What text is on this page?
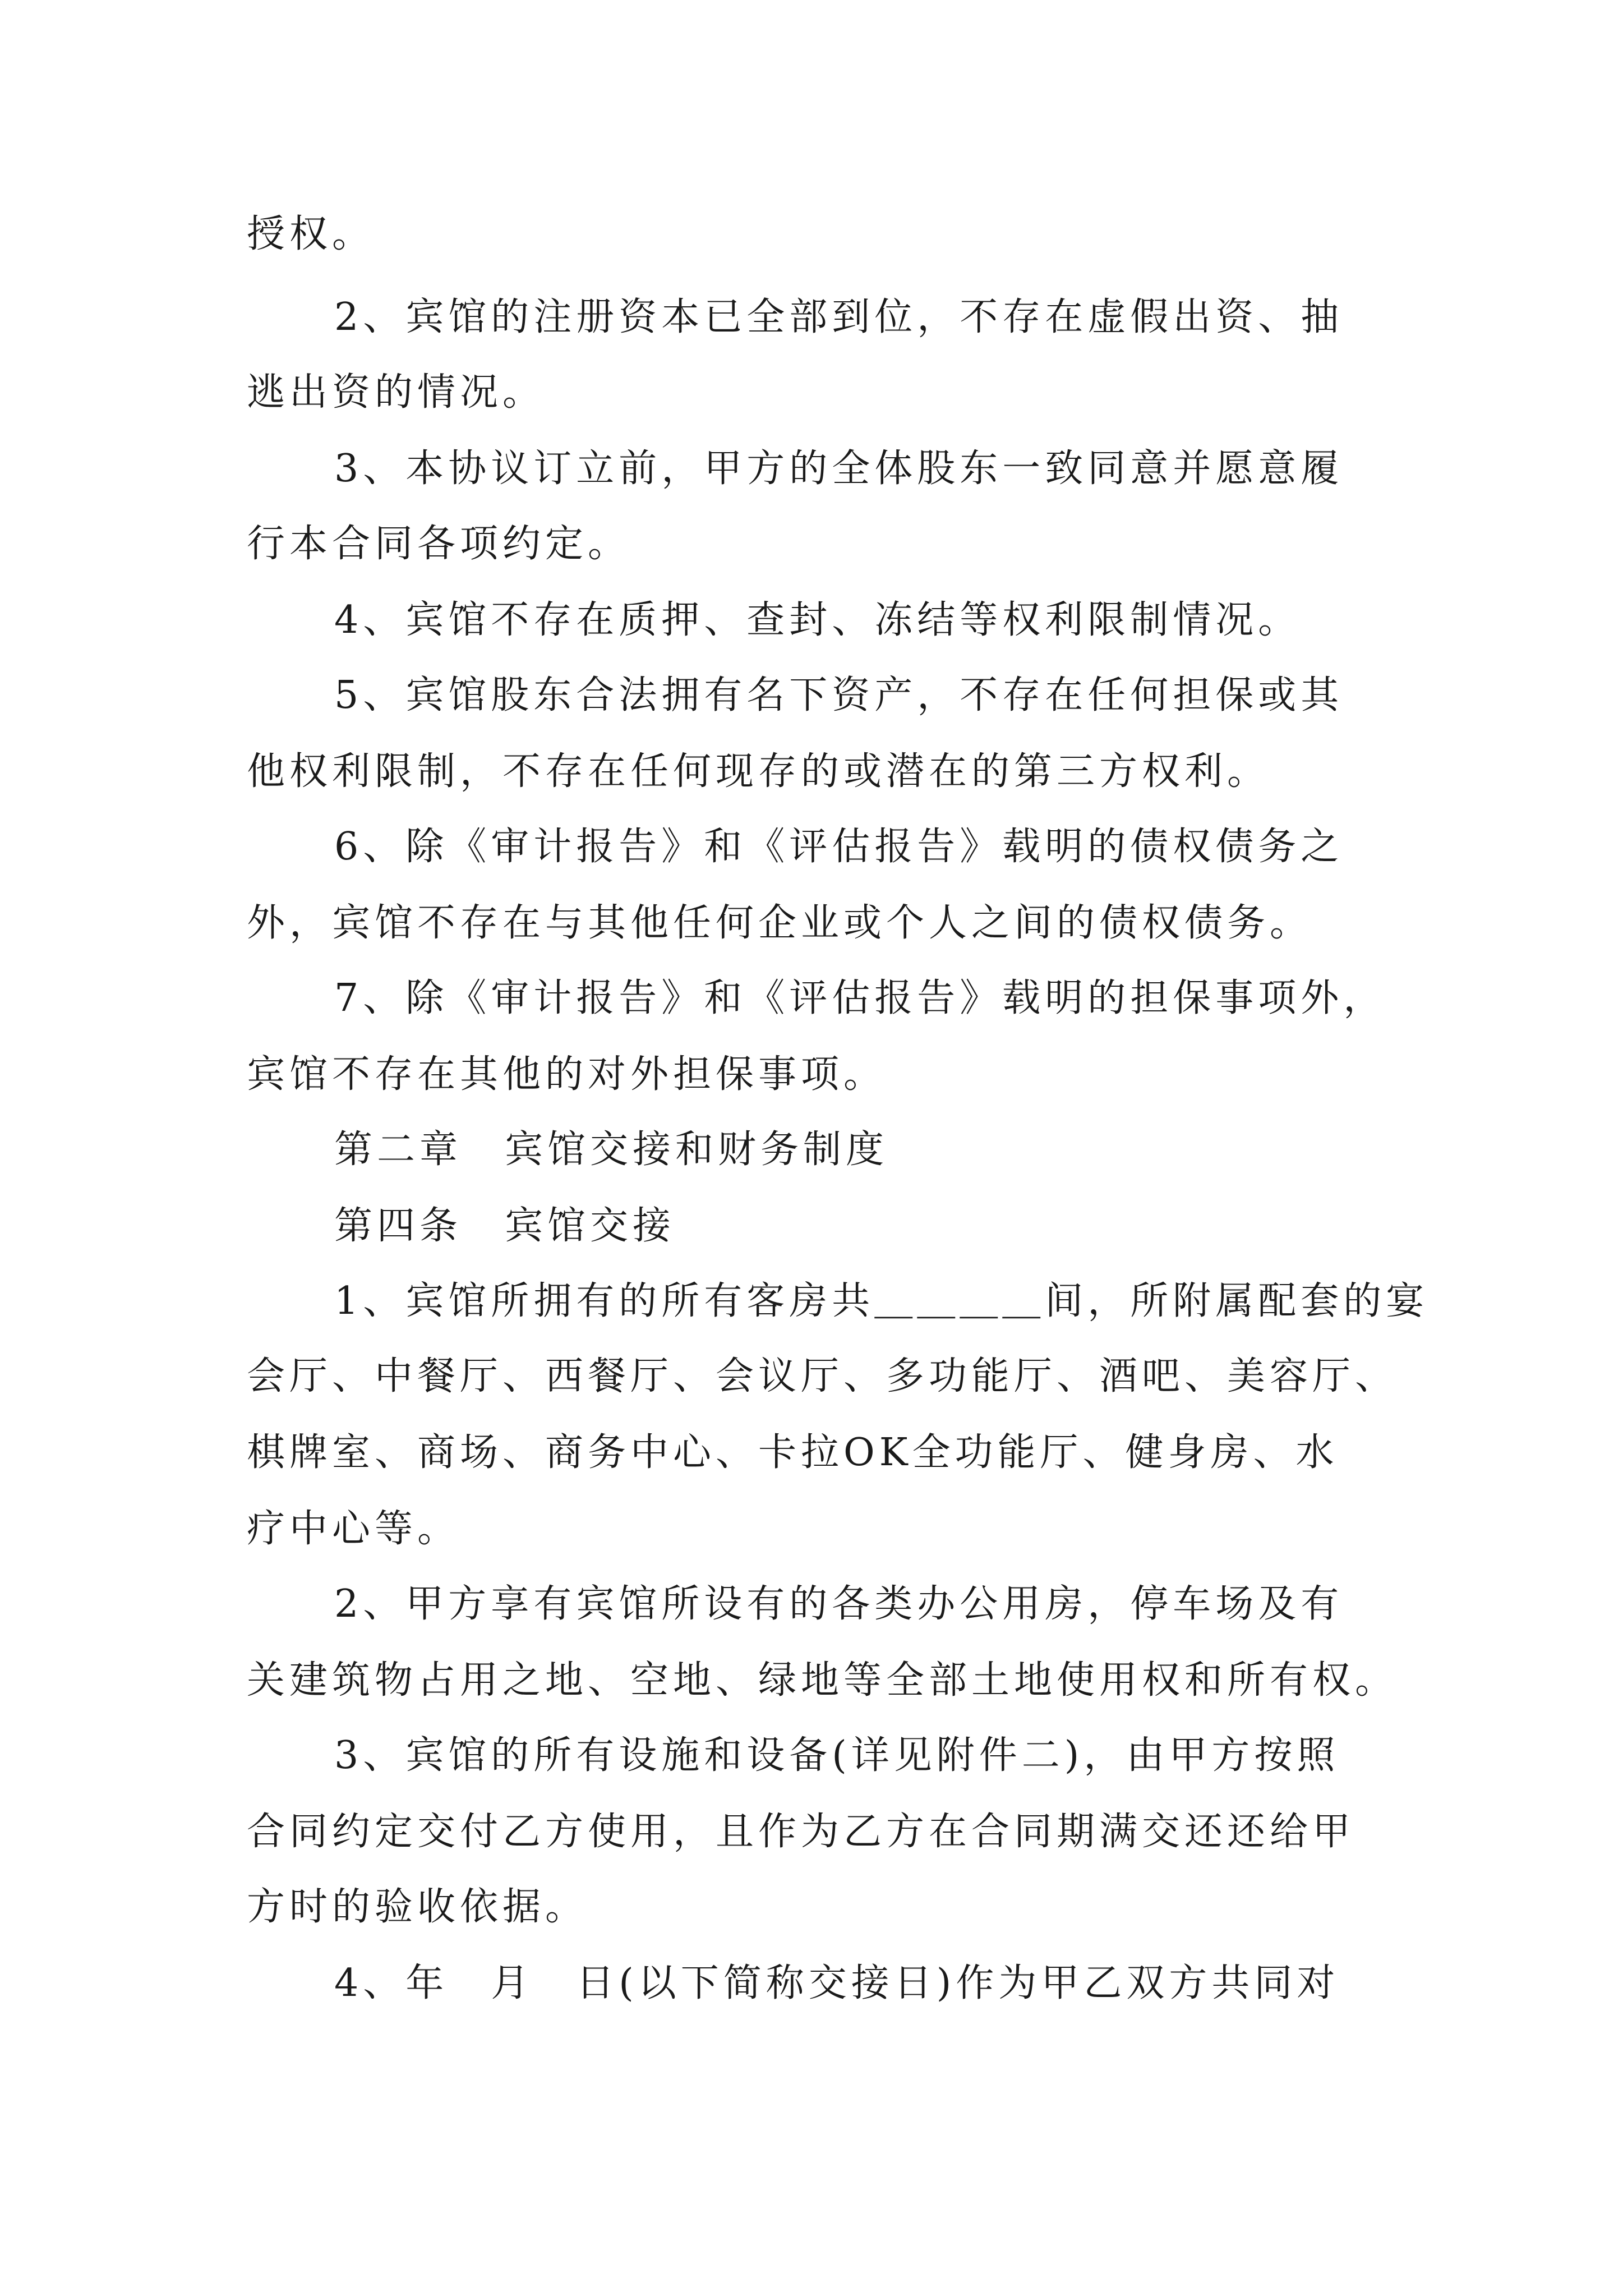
授权。
2、宾馆的注册资本已全部到位，不存在虚假出资、抽
逃出资的情况。
3、本协议订立前，甲方的全体股东一致同意并愿意履
行本合同各项约定。
4、宾馆不存在质押、查封、冻结等权利限制情况。
5、宾馆股东合法拥有名下资产，不存在任何担保或其
他权利限制，不存在任何现存的或潜在的第三方权利。
6、除《审计报告》和《评估报告》载明的债权债务之
外，宾馆不存在与其他任何企业或个人之间的债权债务。
7、除《审计报告》和《评估报告》载明的担保事项外，
宾馆不存在其他的对外担保事项。
第二章　宾馆交接和财务制度
第四条　宾馆交接
1、宾馆所拥有的所有客房共＿＿＿＿间，所附属配套的宴
会厅、中餐厅、西餐厅、会议厅、多功能厅、酒吧、美容厅、
棋牌室、商场、商务中心、卡拉OK全功能厅、健身房、水
疗中心等。
2、甲方享有宾馆所设有的各类办公用房，停车场及有
关建筑物占用之地、空地、绿地等全部土地使用权和所有权。
3、宾馆的所有设施和设备(详见附件二)，由甲方按照
合同约定交付乙方使用，且作为乙方在合同期满交还还给甲
方时的验收依据。
4、年　月　日(以下简称交接日)作为甲乙双方共同对
